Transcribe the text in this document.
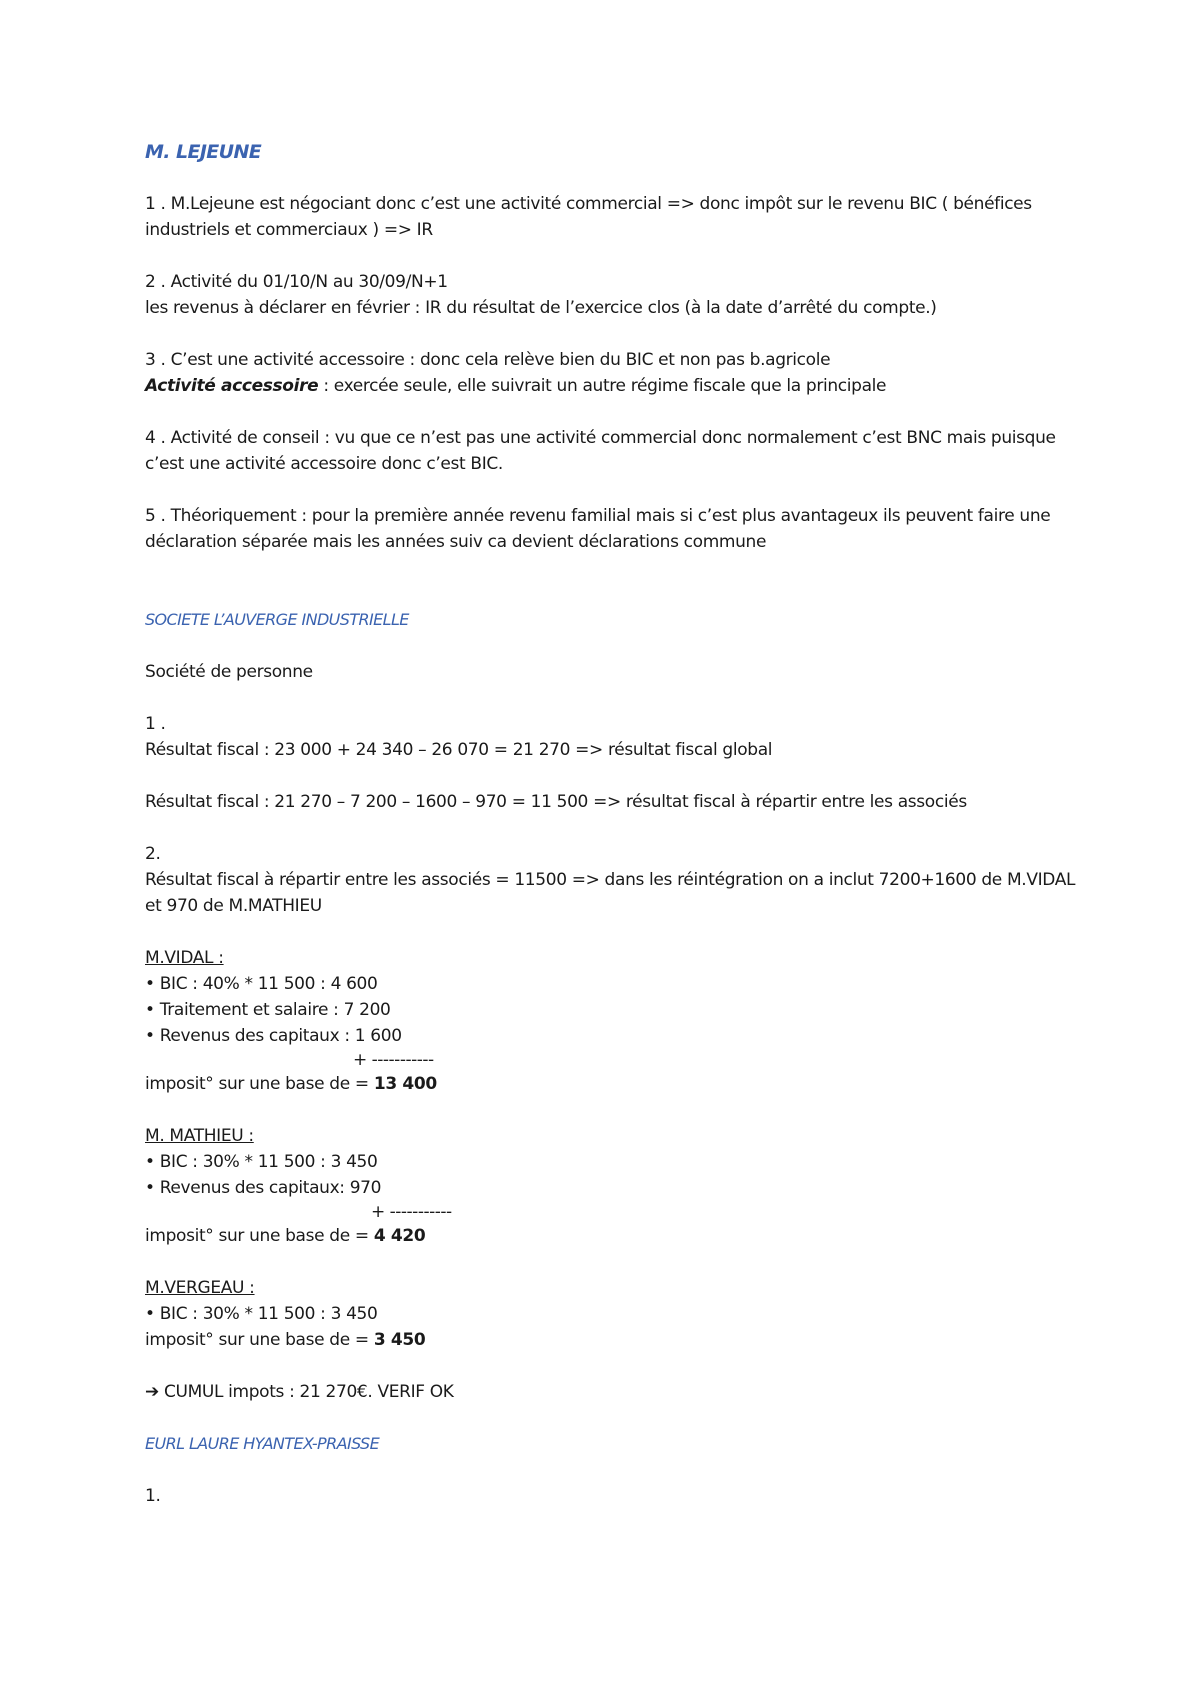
M. LEJEUNE
1 . M.Lejeune est négociant donc c’est une activité commercial => donc impôt sur le revenu BIC ( bénéfices
industriels et commerciaux ) => IR
2 . Activité du 01/10/N au 30/09/N+1
les revenus à déclarer en février : IR du résultat de l’exercice clos (à la date d’arrêté du compte.)
3 . C’est une activité accessoire : donc cela relève bien du BIC et non pas b.agricole
Activité accessoire : exercée seule, elle suivrait un autre régime fiscale que la principale
4 . Activité de conseil : vu que ce n’est pas une activité commercial donc normalement c’est BNC mais puisque
c’est une activité accessoire donc c’est BIC.
5 . Théoriquement : pour la première année revenu familial mais si c’est plus avantageux ils peuvent faire une
déclaration séparée mais les années suiv ca devient déclarations commune
SOCIETE L’AUVERGE INDUSTRIELLE
Société de personne
1 .
Résultat fiscal : 23 000 + 24 340 – 26 070 = 21 270 => résultat fiscal global
Résultat fiscal : 21 270 – 7 200 – 1600 – 970 = 11 500 => résultat fiscal à répartir entre les associés
2.
Résultat fiscal à répartir entre les associés = 11500 => dans les réintégration on a inclut 7200+1600 de M.VIDAL
et 970 de M.MATHIEU
M.VIDAL :
• BIC : 40% * 11 500 : 4 600
• Traitement et salaire : 7 200
• Revenus des capitaux : 1 600
+ -----------
imposit° sur une base de = 13 400
M. MATHIEU :
• BIC : 30% * 11 500 : 3 450
• Revenus des capitaux: 970
+ -----------
imposit° sur une base de = 4 420
M.VERGEAU :
• BIC : 30% * 11 500 : 3 450
imposit° sur une base de = 3 450
➔ CUMUL impots : 21 270€. VERIF OK
EURL LAURE HYANTEX-PRAISSE
1.
